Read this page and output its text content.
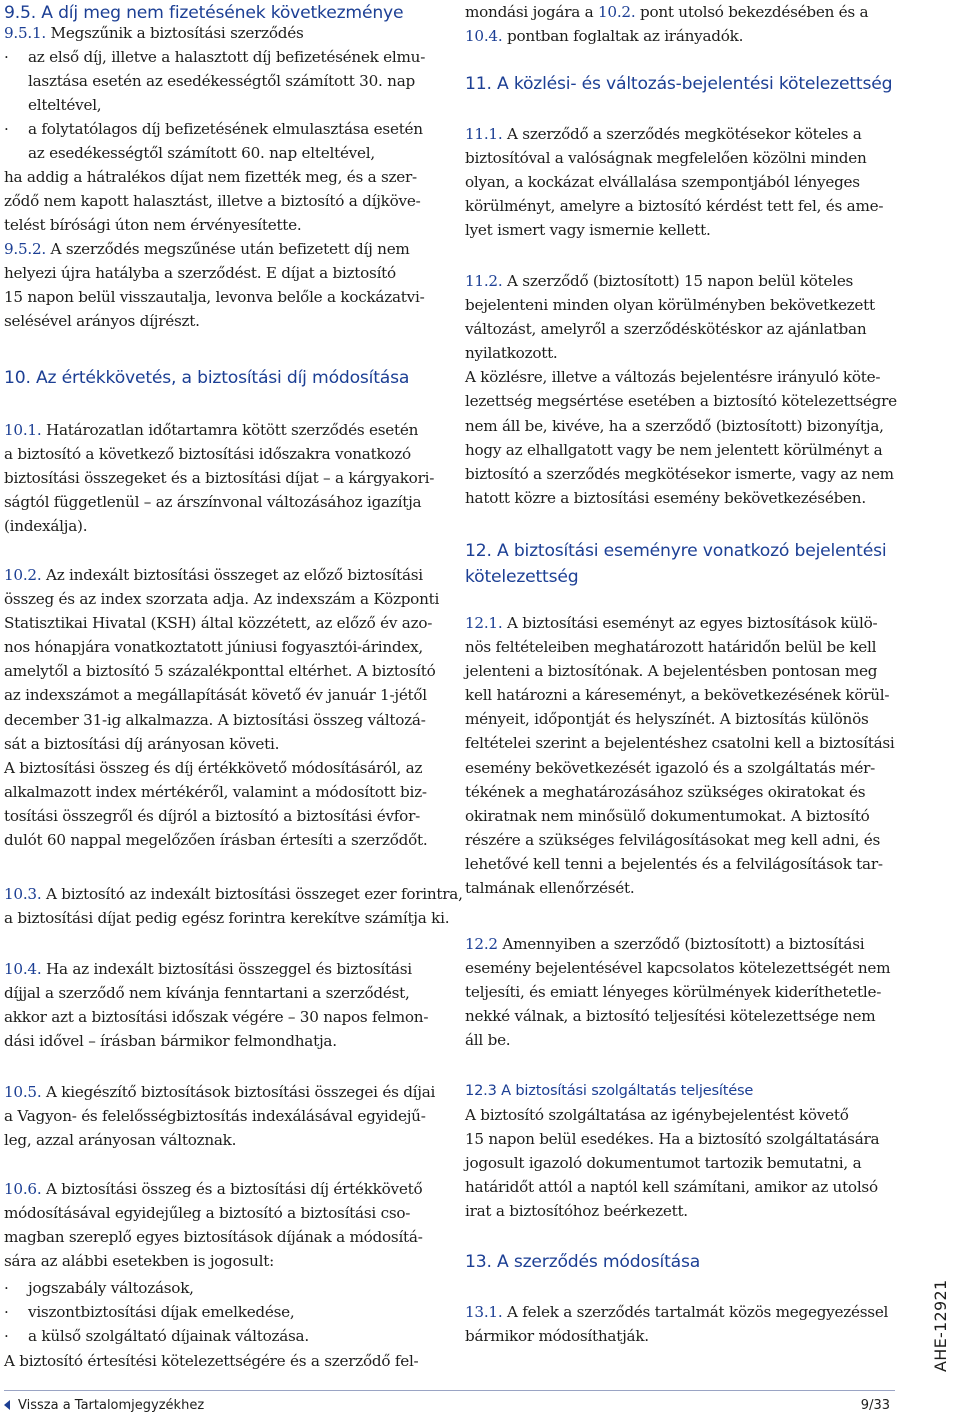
9.5. A díj meg nem fizetésének következménye
9.5.1. Megszűnik a biztosítási szerződés
· az első díj, illetve a halasztott díj befizetésének elmu-
lasztása esetén az esedékességtől számított 30. nap
elteltével,
· a folytatólagos díj befizetésének elmulasztása esetén
az esedékességtől számított 60. nap elteltével,
ha addig a hátralékos díjat nem fizették meg, és a szer-
ződő nem kapott halasztást, illetve a biztosító a díjköve-
telést bírósági úton nem érvényesítette.
9.5.2. A szerződés megszűnése után befizetett díj nem
helyezi újra hatályba a szerződést. E díjat a biztosító
15 napon belül visszautalja, levonva belőle a kockázatvi-
selésével arányos díjrészt.
10. Az értékkövetés, a biztosítási díj módosítása
10.1. Határozatlan időtartamra kötött szerződés esetén
a biztosító a következő biztosítási időszakra vonatkozó
biztosítási összegeket és a biztosítási díjat – a kárgyakori-
ságtól függetlenül – az árszínvonal változásához igazítja
(indexálja).
10.2. Az indexált biztosítási összeget az előző biztosítási
összeg és az index szorzata adja. Az indexszám a Központi
Statisztikai Hivatal (KSH) által közzétett, az előző év azo-
nos hónapjára vonatkoztatott júniusi fogyasztói-árindex,
amelytől a biztosító 5 százalékponttal eltérhet. A biztosító
az indexszámot a megállapítását követő év január 1-jétől
december 31-ig alkalmazza. A biztosítási összeg változá-
sát a biztosítási díj arányosan követi.
A biztosítási összeg és díj értékkövető módosításáról, az
alkalmazott index mértékéről, valamint a módosított biz-
tosítási összegről és díjról a biztosító a biztosítási évfor-
dulót 60 nappal megelőzően írásban értesíti a szerződőt.
10.3. A biztosító az indexált biztosítási összeget ezer forintra,
a biztosítási díjat pedig egész forintra kerekítve számítja ki.
10.4. Ha az indexált biztosítási összeggel és biztosítási
díjjal a szerződő nem kívánja fenntartani a szerződést,
akkor azt a biztosítási időszak végére – 30 napos felmon-
dási idővel – írásban bármikor felmondhatja.
10.5. A kiegészítő biztosítások biztosítási összegei és díjai
a Vagyon- és felelősségbiztosítás indexálásával egyidejű-
leg, azzal arányosan változnak.
10.6. A biztosítási összeg és a biztosítási díj értékkövető
módosításával egyidejűleg a biztosító a biztosítási cso-
magban szereplő egyes biztosítások díjának a módosítá-
sára az alábbi esetekben is jogosult:
· jogszabály változások,
· viszontbiztosítási díjak emelkedése,
· a külső szolgáltató díjainak változása.
A biztosító értesítési kötelezettségére és a szerződő fel-
mondási jogára a 10.2. pont utolsó bekezdésében és a
10.4. pontban foglaltak az irányadók.
11. A közlési- és változás-bejelentési kötelezettség
11.1. A szerződő a szerződés megkötésekor köteles a
biztosítóval a valóságnak megfelelően közölni minden
olyan, a kockázat elvállalása szempontjából lényeges
körülményt, amelyre a biztosító kérdést tett fel, és ame-
lyet ismert vagy ismernie kellett.
11.2. A szerződő (biztosított) 15 napon belül köteles
bejelenteni minden olyan körülményben bekövetkezett
változást, amelyről a szerződéskötéskor az ajánlatban
nyilatkozott.
A közlésre, illetve a változás bejelentésre irányuló köte-
lezettség megsértése esetében a biztosító kötelezettségre
nem áll be, kivéve, ha a szerződő (biztosított) bizonyítja,
hogy az elhallgatott vagy be nem jelentett körülményt a
biztosító a szerződés megkötésekor ismerte, vagy az nem
hatott közre a biztosítási esemény bekövetkezésében.
12. A biztosítási eseményre vonatkozó bejelentési
kötelezettség
12.1. A biztosítási eseményt az egyes biztosítások külö-
nös feltételeiben meghatározott határidőn belül be kell
jelenteni a biztosítónak. A bejelentésben pontosan meg
kell határozni a káreseményt, a bekövetkezésének körül-
ményeit, időpontját és helyszínét. A biztosítás különös
feltételei szerint a bejelentéshez csatolni kell a biztosítási
esemény bekövetkezését igazoló és a szolgáltatás mér-
tékének a meghatározásához szükséges okiratokat és
okiratnak nem minősülő dokumentumokat. A biztosító
részére a szükséges felvilágosításokat meg kell adni, és
lehetővé kell tenni a bejelentés és a felvilágosítások tar-
talmának ellenőrzését.
12.2 Amennyiben a szerződő (biztosított) a biztosítási
esemény bejelentésével kapcsolatos kötelezettségét nem
teljesíti, és emiatt lényeges körülmények kideríthetetle-
nekké válnak, a biztosító teljesítési kötelezettsége nem
áll be.
12.3 A biztosítási szolgáltatás teljesítése
A biztosító szolgáltatása az igénybejelentést követő
15 napon belül esedékes. Ha a biztosító szolgáltatására
jogosult igazoló dokumentumot tartozik bemutatni, a
határidőt attól a naptól kell számítani, amikor az utolsó
irat a biztosítóhoz beérkezett.
13. A szerződés módosítása
13.1. A felek a szerződés tartalmát közös megegyezéssel
bármikor módosíthatják.	AHE-12921
Vissza a Tartalomjegyzékhez	9/33
